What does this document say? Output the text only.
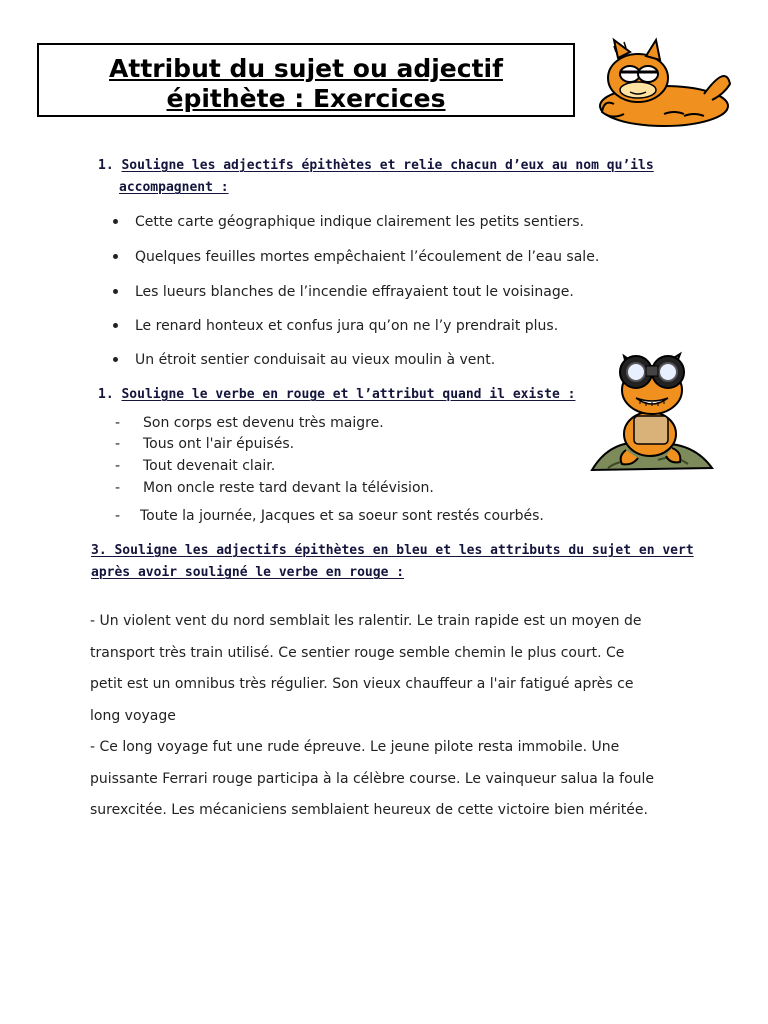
Attribut du sujet ou adjectif
épithète : Exercices
1. Souligne les adjectifs épithètes et relie chacun d’eux au nom qu’ils
accompagnent :
Cette carte géographique indique clairement les petits sentiers.
Quelques feuilles mortes empêchaient l’écoulement de l’eau sale.
Les lueurs blanches de l’incendie effrayaient tout le voisinage.
Le renard honteux et confus jura qu’on ne l’y prendrait plus.
Un étroit sentier conduisait au vieux moulin à vent.
1. Souligne le verbe en rouge et l’attribut quand il existe :
- Son corps est devenu très maigre.
- Tous ont l'air épuisés.
- Tout devenait clair.
- Mon oncle reste tard devant la télévision.
- Toute la journée, Jacques et sa soeur sont restés courbés.
3. Souligne les adjectifs épithètes en bleu et les attributs du sujet en vert
après avoir souligné le verbe en rouge :
- Un violent vent du nord semblait les ralentir. Le train rapide est un moyen de
transport très train utilisé. Ce sentier rouge semble chemin le plus court. Ce
petit est un omnibus très régulier. Son vieux chauffeur a l'air fatigué après ce
long voyage
- Ce long voyage fut une rude épreuve. Le jeune pilote resta immobile. Une
puissante Ferrari rouge participa à la célèbre course. Le vainqueur salua la foule
surexcitée. Les mécaniciens semblaient heureux de cette victoire bien méritée.
